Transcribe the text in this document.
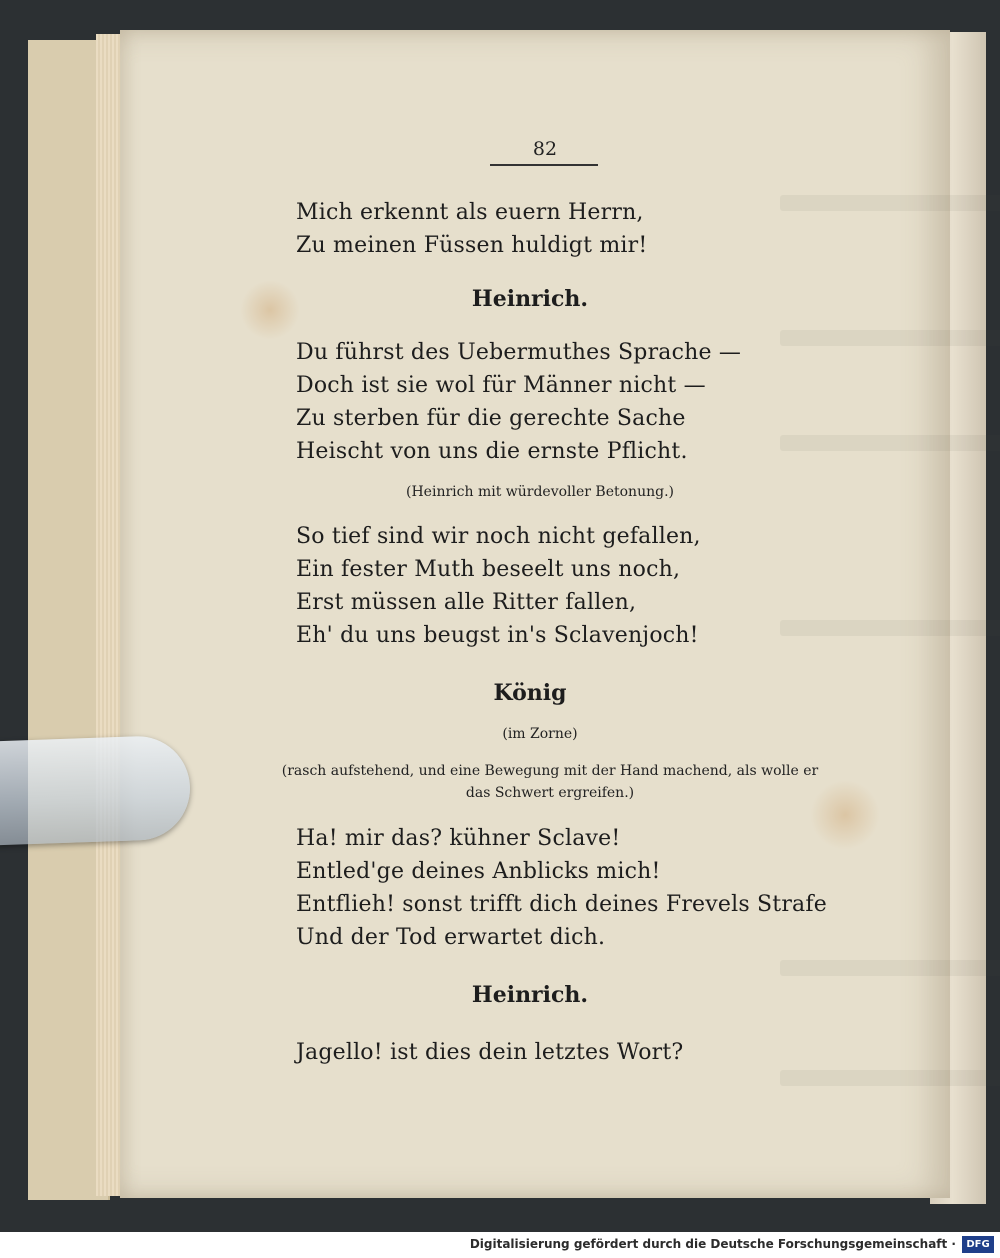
82
Mich erkennt als euern Herrn,
Zu meinen Füssen huldigt mir!
Heinrich.
Du führst des Uebermuthes Sprache —
Doch ist sie wol für Männer nicht —
Zu sterben für die gerechte Sache
Heischt von uns die ernste Pflicht.
(Heinrich mit würdevoller Betonung.)
So tief sind wir noch nicht gefallen,
Ein fester Muth beseelt uns noch,
Erst müssen alle Ritter fallen,
Eh' du uns beugst in's Sclavenjoch!
König
(im Zorne)
(rasch aufstehend, und eine Bewegung mit der Hand machend, als wolle er
das Schwert ergreifen.)
Ha! mir das? kühner Sclave!
Entled'ge deines Anblicks mich!
Entflieh! sonst trifft dich deines Frevels Strafe
Und der Tod erwartet dich.
Heinrich.
Jagello! ist dies dein letztes Wort?
Digitalisierung gefördert durch die Deutsche Forschungsgemeinschaft ·	DFG
